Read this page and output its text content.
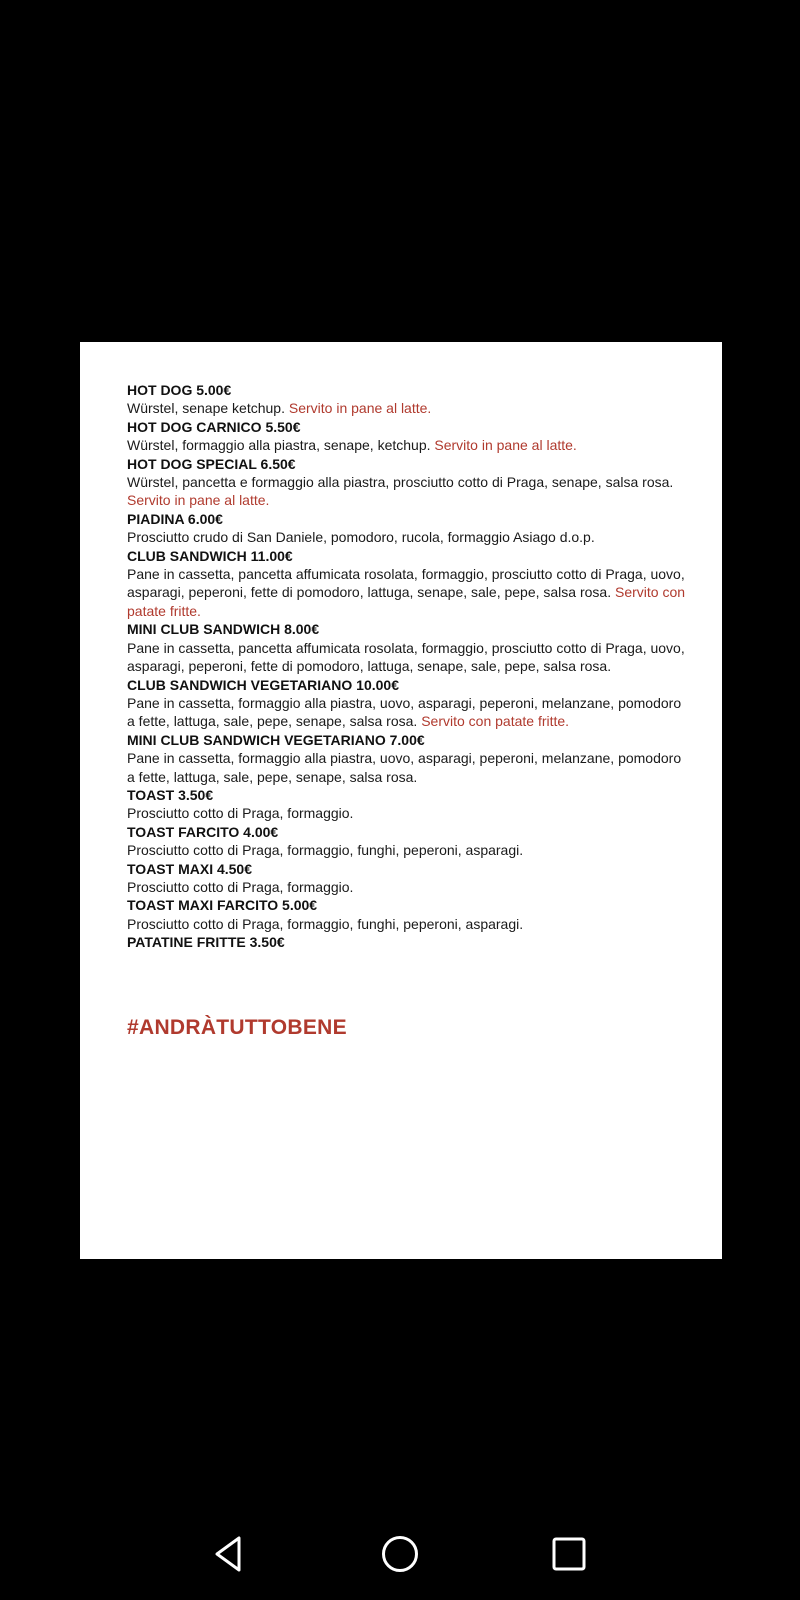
HOT DOG 5.00€
Würstel, senape ketchup. Servito in pane al latte.
HOT DOG CARNICO 5.50€
Würstel, formaggio alla piastra, senape, ketchup. Servito in pane al latte.
HOT DOG SPECIAL 6.50€
Würstel, pancetta e formaggio alla piastra, prosciutto cotto di Praga, senape, salsa rosa. Servito in pane al latte.
PIADINA 6.00€
Prosciutto crudo di San Daniele, pomodoro, rucola, formaggio Asiago d.o.p.
CLUB SANDWICH 11.00€
Pane in cassetta, pancetta affumicata rosolata, formaggio, prosciutto cotto di Praga, uovo, asparagi, peperoni, fette di pomodoro, lattuga, senape, sale, pepe, salsa rosa. Servito con patate fritte.
MINI CLUB SANDWICH 8.00€
Pane in cassetta, pancetta affumicata rosolata, formaggio, prosciutto cotto di Praga, uovo, asparagi, peperoni, fette di pomodoro, lattuga, senape, sale, pepe, salsa rosa.
CLUB SANDWICH VEGETARIANO 10.00€
Pane in cassetta, formaggio alla piastra, uovo, asparagi, peperoni, melanzane, pomodoro a fette, lattuga, sale, pepe, senape, salsa rosa. Servito con patate fritte.
MINI CLUB SANDWICH VEGETARIANO 7.00€
Pane in cassetta, formaggio alla piastra, uovo, asparagi, peperoni, melanzane, pomodoro a fette, lattuga, sale, pepe, senape, salsa rosa.
TOAST 3.50€
Prosciutto cotto di Praga, formaggio.
TOAST FARCITO 4.00€
Prosciutto cotto di Praga, formaggio, funghi, peperoni, asparagi.
TOAST MAXI 4.50€
Prosciutto cotto di Praga, formaggio.
TOAST MAXI FARCITO 5.00€
Prosciutto cotto di Praga, formaggio, funghi, peperoni, asparagi.
PATATINE FRITTE 3.50€
#ANDRÀTUTTOBENE
